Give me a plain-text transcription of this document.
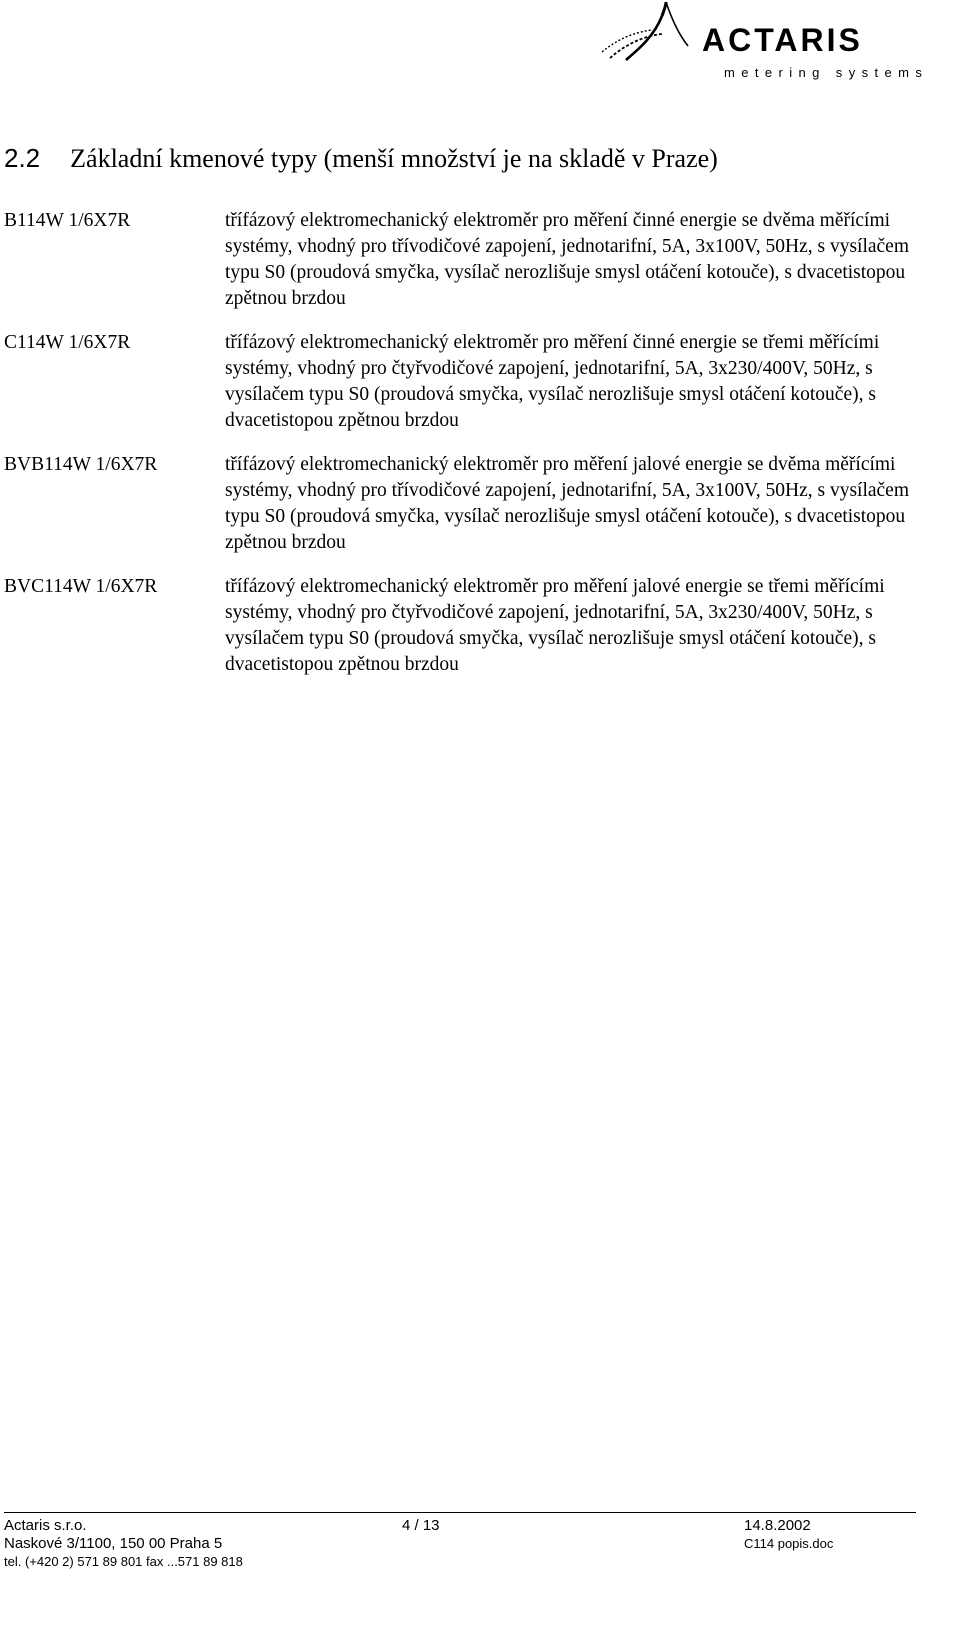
ACTARIS
metering systems
2.2 Základní kmenové typy (menší množství je na skladě v Praze)
B114W 1/6X7R	třífázový elektromechanický elektroměr pro měření činné energie se dvěma měřícími systémy, vhodný pro třívodičové zapojení, jednotarifní, 5A, 3x100V, 50Hz, s vysílačem typu S0 (proudová smyčka, vysílač nerozlišuje smysl otáčení kotouče), s dvacetistopou zpětnou brzdou
C114W 1/6X7R	třífázový elektromechanický elektroměr pro měření činné energie se třemi měřícími systémy, vhodný pro čtyřvodičové zapojení, jednotarifní, 5A, 3x230/400V, 50Hz, s vysílačem typu S0 (proudová smyčka, vysílač nerozlišuje smysl otáčení kotouče), s dvacetistopou zpětnou brzdou
BVB114W 1/6X7R	třífázový elektromechanický elektroměr pro měření jalové energie se dvěma měřícími systémy, vhodný pro třívodičové zapojení, jednotarifní, 5A, 3x100V, 50Hz, s vysílačem typu S0 (proudová smyčka, vysílač nerozlišuje smysl otáčení kotouče), s dvacetistopou zpětnou brzdou
BVC114W 1/6X7R	třífázový elektromechanický elektroměr pro měření jalové energie se třemi měřícími systémy, vhodný pro čtyřvodičové zapojení, jednotarifní, 5A, 3x230/400V, 50Hz, s vysílačem typu S0 (proudová smyčka, vysílač nerozlišuje smysl otáčení kotouče), s dvacetistopou zpětnou brzdou
Actaris s.r.o.	4 / 13	14.8.2002
Naskové 3/1100, 150 00 Praha 5	C114 popis.doc
tel. (+420 2) 571 89 801 fax ...571 89 818
